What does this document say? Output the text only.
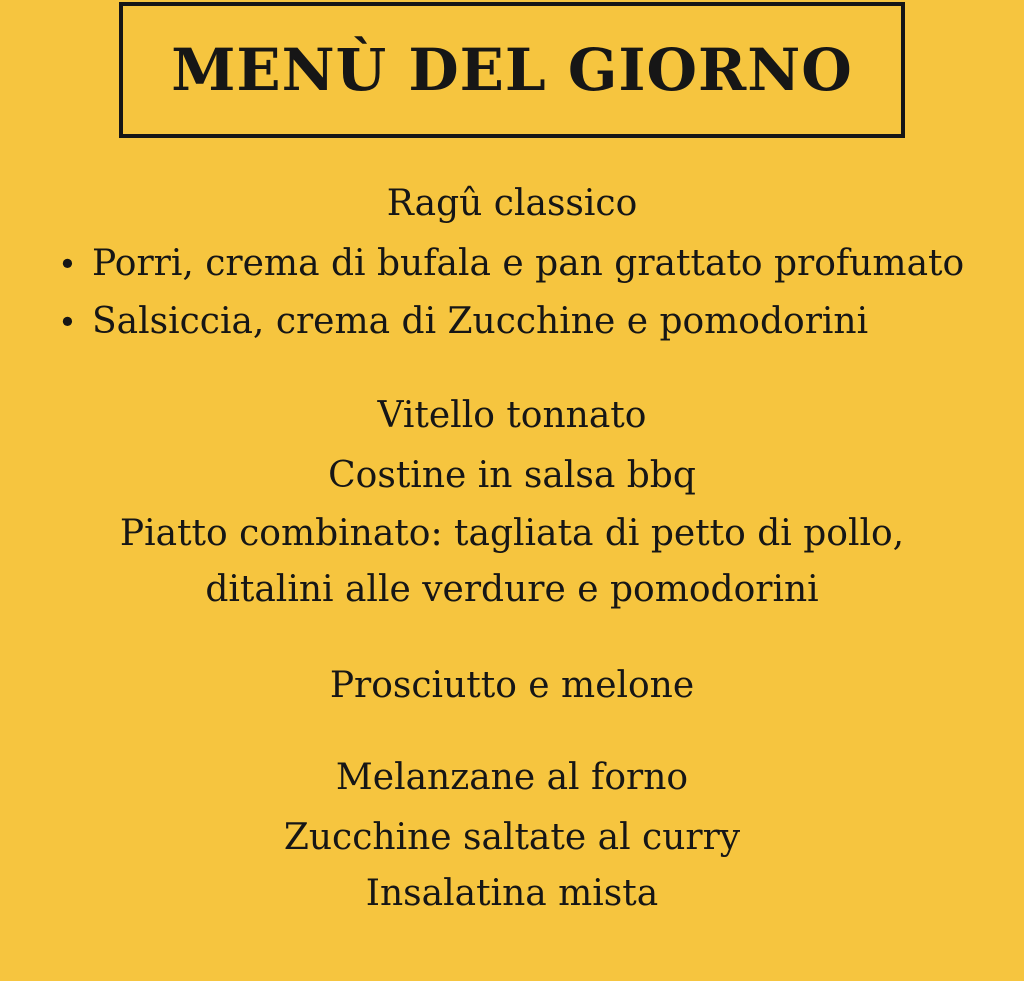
MENÙ DEL GIORNO
Ragû classico
• Porri, crema di bufala e pan grattato profumato
• Salsiccia, crema di Zucchine e pomodorini
Vitello tonnato
Costine in salsa bbq
Piatto combinato: tagliata di petto di pollo,
ditalini alle verdure e pomodorini
Prosciutto e melone
Melanzane al forno
Zucchine saltate al curry
Insalatina mista
